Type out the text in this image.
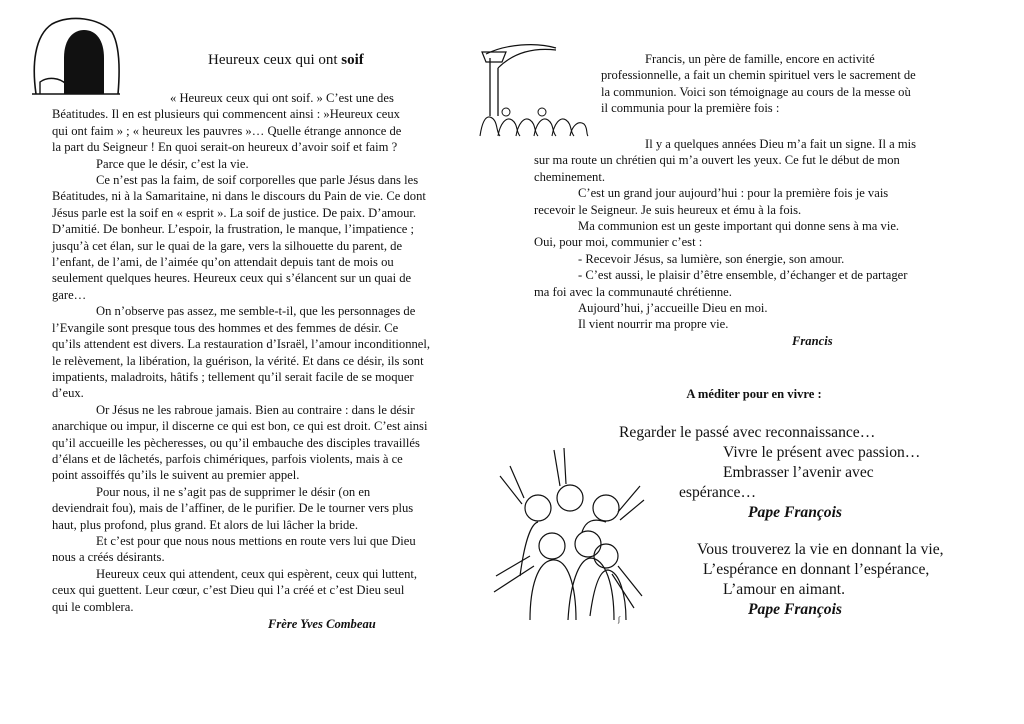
ʃ
Heureux ceux qui ont soif

« Heureux ceux qui ont soif. » C’est une des

Béatitudes. Il en est plusieurs qui commencent ainsi : »Heureux ceux

qui ont faim » ; « heureux les pauvres »… Quelle étrange annonce de

la part du Seigneur ! En quoi serait-on heureux d’avoir soif et faim ?

Parce que le désir, c’est la vie.

Ce n’est pas la faim, de soif corporelles que parle Jésus dans les

Béatitudes, ni à la Samaritaine, ni dans le discours du Pain de vie. Ce dont

Jésus parle est la soif en « esprit ». La soif de justice. De paix. D’amour.

D’amitié. De bonheur. L’espoir, la frustration, le manque, l’impatience ;

jusqu’à cet élan, sur le quai de la gare, vers la silhouette du parent, de

l’enfant, de l’ami, de l’aimée qu’on attendait depuis tant de mois ou

seulement quelques heures. Heureux ceux qui s’élancent sur un quai de

gare…

On n’observe pas assez, me semble-t-il, que les personnages de

l’Evangile sont presque tous des hommes et des femmes de désir. Ce

qu’ils attendent est divers. La restauration d’Israël, l’amour inconditionnel,

le relèvement, la libération, la guérison, la vérité. Et dans ce désir, ils sont

impatients, maladroits, hâtifs ; tellement qu’il serait facile de se moquer

d’eux.

Or Jésus ne les rabroue jamais. Bien au contraire : dans le désir

anarchique ou impur, il discerne ce qui est bon, ce qui est droit. C’est ainsi

qu’il accueille les pècheresses, ou qu’il embauche des disciples travaillés

d’élans et de lâchetés, parfois chimériques, parfois violents, mais à ce

point assoiffés qu’ils le suivent au premier appel.

Pour nous, il ne s’agit pas de supprimer le désir (on en

deviendrait fou), mais de l’affiner, de le purifier. De le tourner vers plus

haut, plus profond, plus grand. Et alors de lui lâcher la bride.

Et c’est pour que nous nous mettions en route vers lui que Dieu

nous a créés désirants.

Heureux ceux qui attendent, ceux qui espèrent, ceux qui luttent,

ceux qui guettent. Leur cœur, c’est Dieu qui l’a créé et c’est Dieu seul

qui le comblera.

Frère Yves Combeau

Francis, un père de famille, encore en activité

professionnelle, a fait un chemin spirituel vers le sacrement de

la communion. Voici son témoignage au cours de la messe où

il communia pour la première fois :

Il y a quelques années Dieu m’a fait un signe. Il a mis

sur ma route un chrétien qui m’a ouvert les yeux. Ce fut le début de mon

cheminement.

C’est un grand jour aujourd’hui : pour la première fois je vais

recevoir le Seigneur. Je suis heureux et ému à la fois.

Ma communion est un geste important qui donne sens à ma vie.

Oui, pour moi, communier c’est :

- Recevoir Jésus, sa lumière, son énergie, son amour.

- C’est aussi, le plaisir d’être ensemble, d’échanger et de partager

ma foi avec la communauté chrétienne.

Aujourd’hui, j’accueille Dieu en moi.

Il vient nourrir ma propre vie.

Francis

A méditer pour en vivre :
Regarder le passé avec reconnaissance…
Vivre le présent avec passion…
Embrasser l’avenir avec
espérance…
Pape François
Vous trouverez la vie en donnant la vie,
L’espérance en donnant l’espérance,
L’amour en aimant.
Pape François
